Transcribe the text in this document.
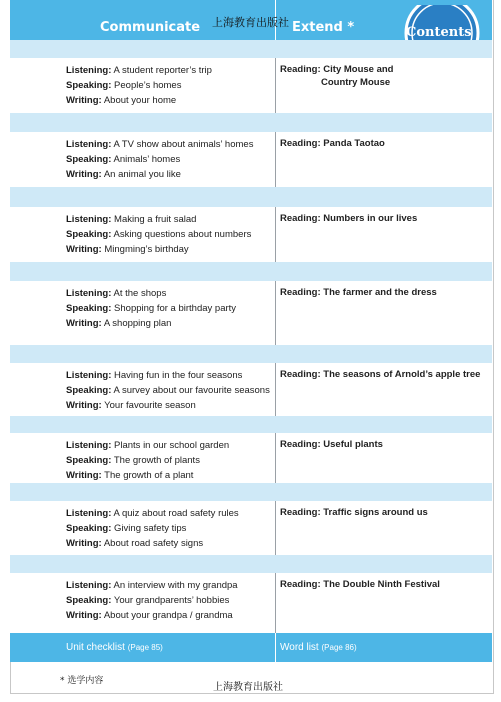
Communicate	Extend *
上海教育出版社
Contents
Listening: A student reporter’s trip
Speaking: People’s homes
Writing: About your home
Reading: City Mouse and
Country Mouse
Listening: A TV show about animals’ homes
Speaking: Animals’ homes
Writing: An animal you like
Reading: Panda Taotao
Listening: Making a fruit salad
Speaking: Asking questions about numbers
Writing: Mingming’s birthday
Reading: Numbers in our lives
Listening: At the shops
Speaking: Shopping for a birthday party
Writing: A shopping plan
Reading: The farmer and the dress
Listening: Having fun in the four seasons
Speaking: A survey about our favourite seasons
Writing: Your favourite season
Reading: The seasons of Arnold’s apple tree
Listening: Plants in our school garden
Speaking: The growth of plants
Writing: The growth of a plant
Reading: Useful plants
Listening: A quiz about road safety rules
Speaking: Giving safety tips
Writing: About road safety signs
Reading: Traffic signs around us
Listening: An interview with my grandpa
Speaking: Your grandparents’ hobbies
Writing: About your grandpa / grandma
Reading: The Double Ninth Festival
Unit checklist (Page 85)	Word list (Page 86)
* 选学内容
上海教育出版社
